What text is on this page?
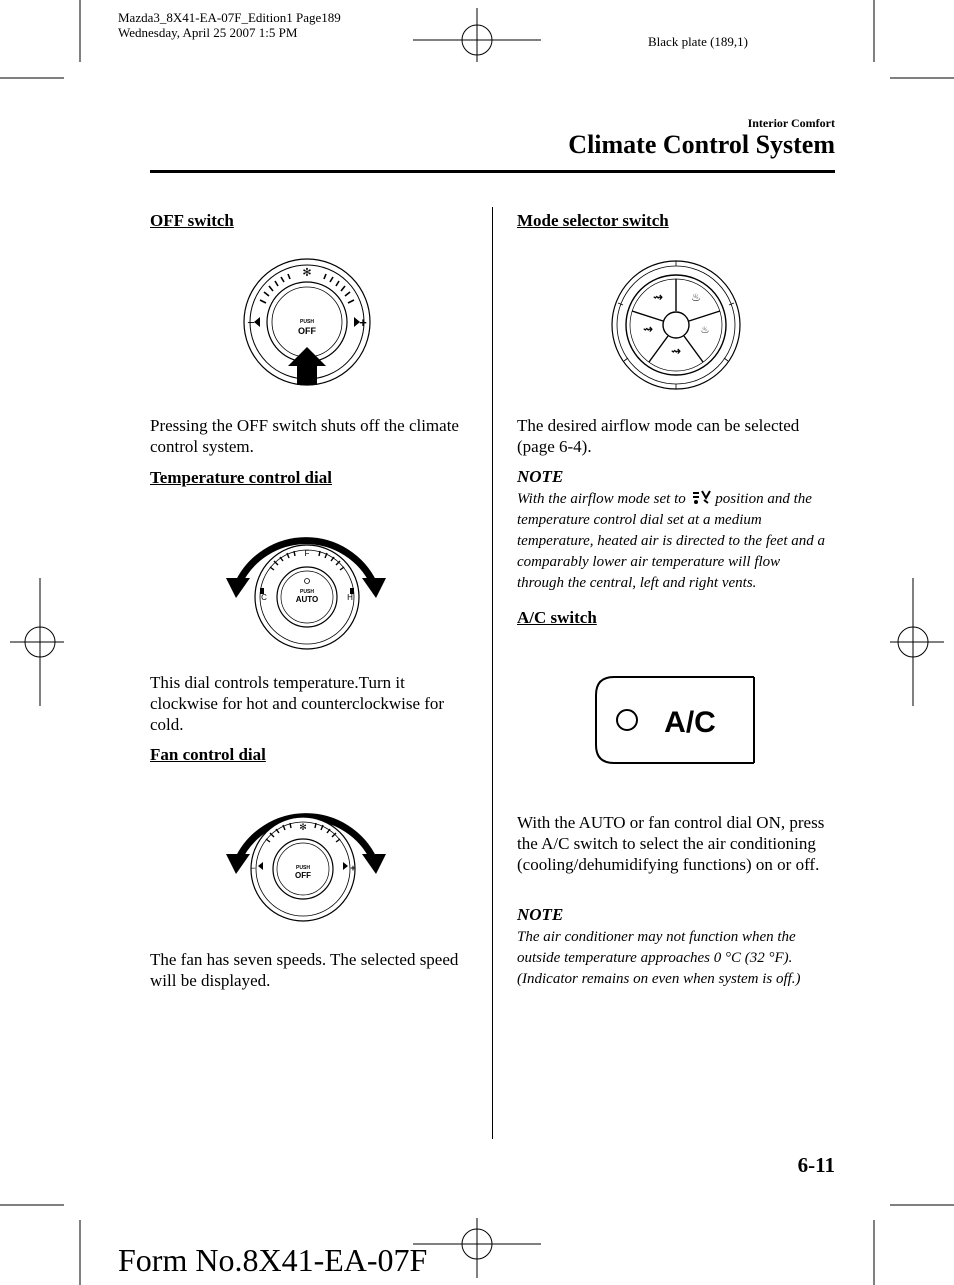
Mazda3_8X41-EA-07F_Edition1 Page189
Wednesday, April 25 2007 1:5 PM
Black plate (189,1)
Interior Comfort
Climate Control System
OFF switch
✻
−	+
PUSH
OFF
Pressing the OFF switch shuts off the climate control system.
Temperature control dial
F
C	H
PUSH
AUTO
This dial controls temperature.Turn it clockwise for hot and counterclockwise for cold.
Fan control dial
✻
−	+
PUSH
OFF
The fan has seven speeds. The selected speed will be displayed.
Mode selector switch
⇝	♨
⇝	♨
⇝
The desired airflow mode can be selected (page 6-4).
NOTE
With the airflow mode set to position and the temperature control dial set at a medium temperature, heated air is directed to the feet and a comparably lower air temperature will flow through the central, left and right vents.
A/C switch
A/C
With the AUTO or fan control dial ON, press the A/C switch to select the air conditioning (cooling/dehumidifying functions) on or off.
NOTE
The air conditioner may not function when the outside temperature approaches 0 °C (32 °F). (Indicator remains on even when system is off.)
6-11
Form No.8X41-EA-07F
